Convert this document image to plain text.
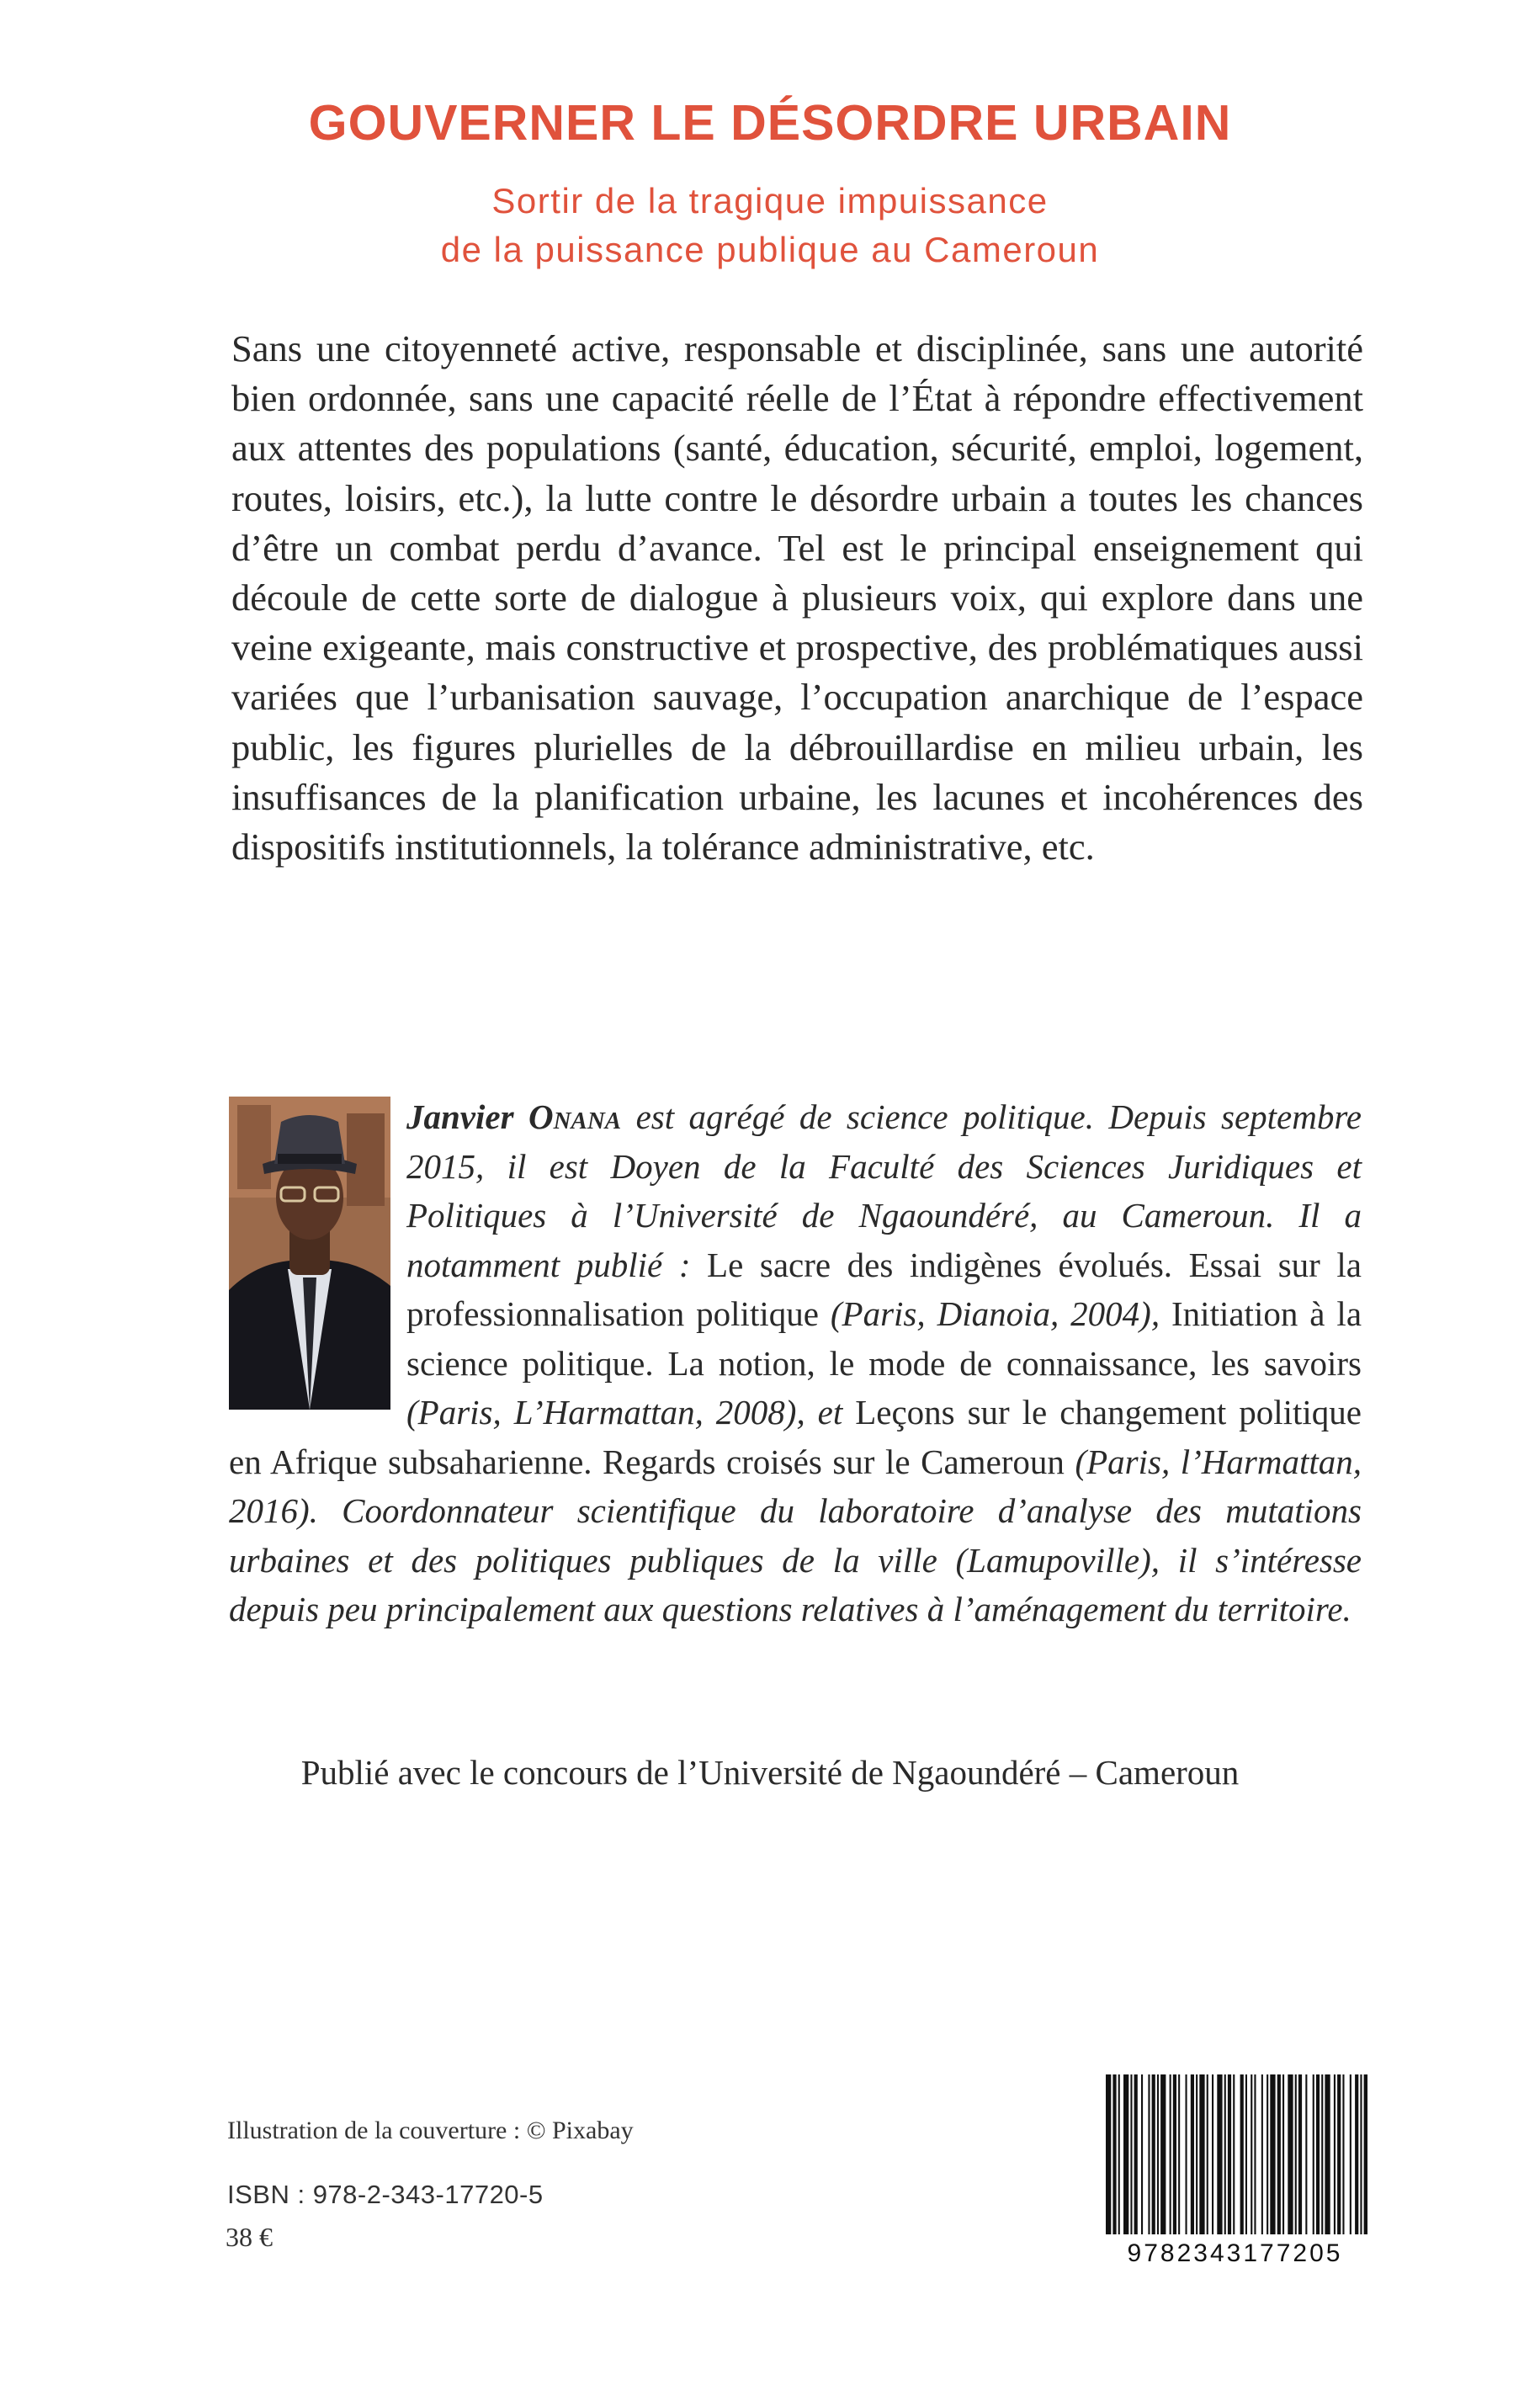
GOUVERNER LE DÉSORDRE URBAIN
Sortir de la tragique impuissance
de la puissance publique au Cameroun
Sans une citoyenneté active, responsable et disciplinée, sans une autorité bien ordonnée, sans une capacité réelle de l’État à répondre effectivement aux attentes des populations (santé, éducation, sécurité, emploi, logement, routes, loisirs, etc.), la lutte contre le désordre urbain a toutes les chances d’être un combat perdu d’avance. Tel est le principal enseignement qui découle de cette sorte de dialogue à plusieurs voix, qui explore dans une veine exigeante, mais constructive et prospective, des problématiques aussi variées que l’urbanisation sauvage, l’occupation anarchique de l’espace public, les figures plurielles de la débrouillardise en milieu urbain, les insuffisances de la planification urbaine, les lacunes et incohérences des dispositifs institutionnels, la tolérance administrative, etc.
Janvier Onana est agrégé de science politique. Depuis septembre 2015, il est Doyen de la Faculté des Sciences Juridiques et Politiques à l’Université de Ngaoundéré, au Cameroun. Il a notamment publié : Le sacre des indigènes évolués. Essai sur la professionnalisation politique (Paris, Dianoia, 2004), Initiation à la science politique. La notion, le mode de connaissance, les savoirs (Paris, L’Harmattan, 2008), et Leçons sur le changement politique en Afrique subsaharienne. Regards croisés sur le Cameroun (Paris, l’Harmattan, 2016). Coordonnateur scientifique du laboratoire d’analyse des mutations urbaines et des politiques publiques de la ville (Lamupoville), il s’intéresse depuis peu principalement aux questions relatives à l’aménagement du territoire.
Publié avec le concours de l’Université de Ngaoundéré – Cameroun
Illustration de la couverture : © Pixabay
ISBN : 978-2-343-17720-5
38 €
9782343177205
